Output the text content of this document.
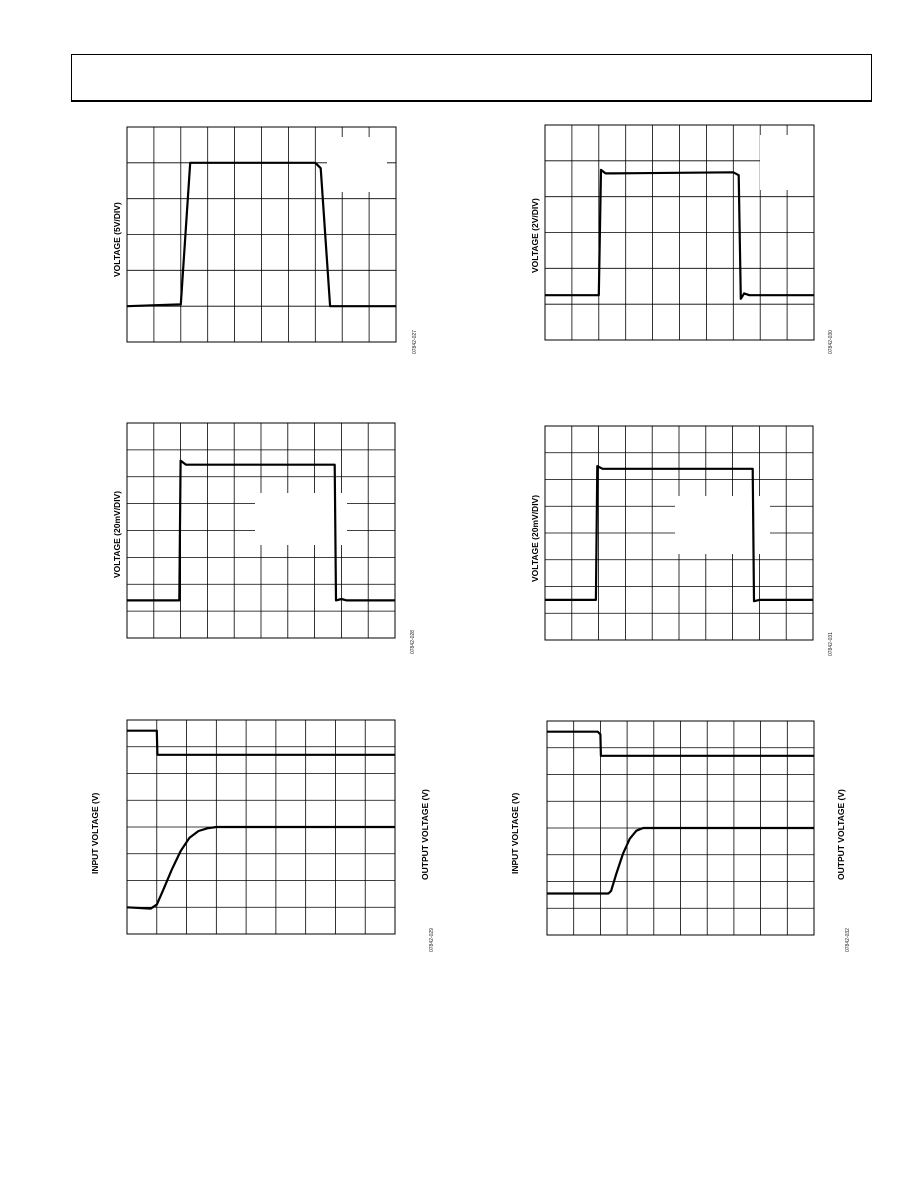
VOLTAGE (5V/DIV)
07842-027
VOLTAGE (2V/DIV)
07842-030
VOLTAGE (20mV/DIV)
07842-028
VOLTAGE (20mV/DIV)
07842-031
INPUT VOLTAGE (V)	OUTPUT VOLTAGE (V)
07842-029
INPUT VOLTAGE (V)	OUTPUT VOLTAGE (V)
07842-032
